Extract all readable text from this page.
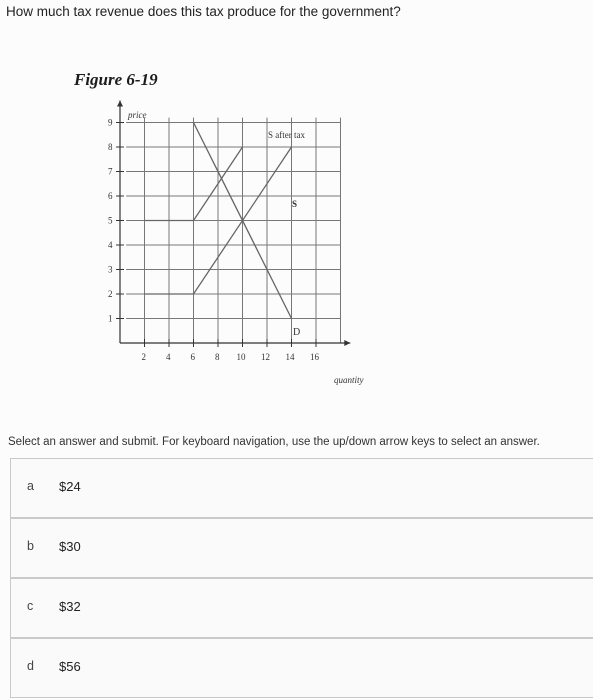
How much tax revenue does this tax produce for the government?
Figure 6-19
1
2
3
4
5
6
7
8
9
2 4 6 8 10 12 14 16
price
quantity
S after tax
S
D
Select an answer and submit. For keyboard navigation, use the up/down arrow keys to select an answer.
a $24
b $30
c $32
d $56
